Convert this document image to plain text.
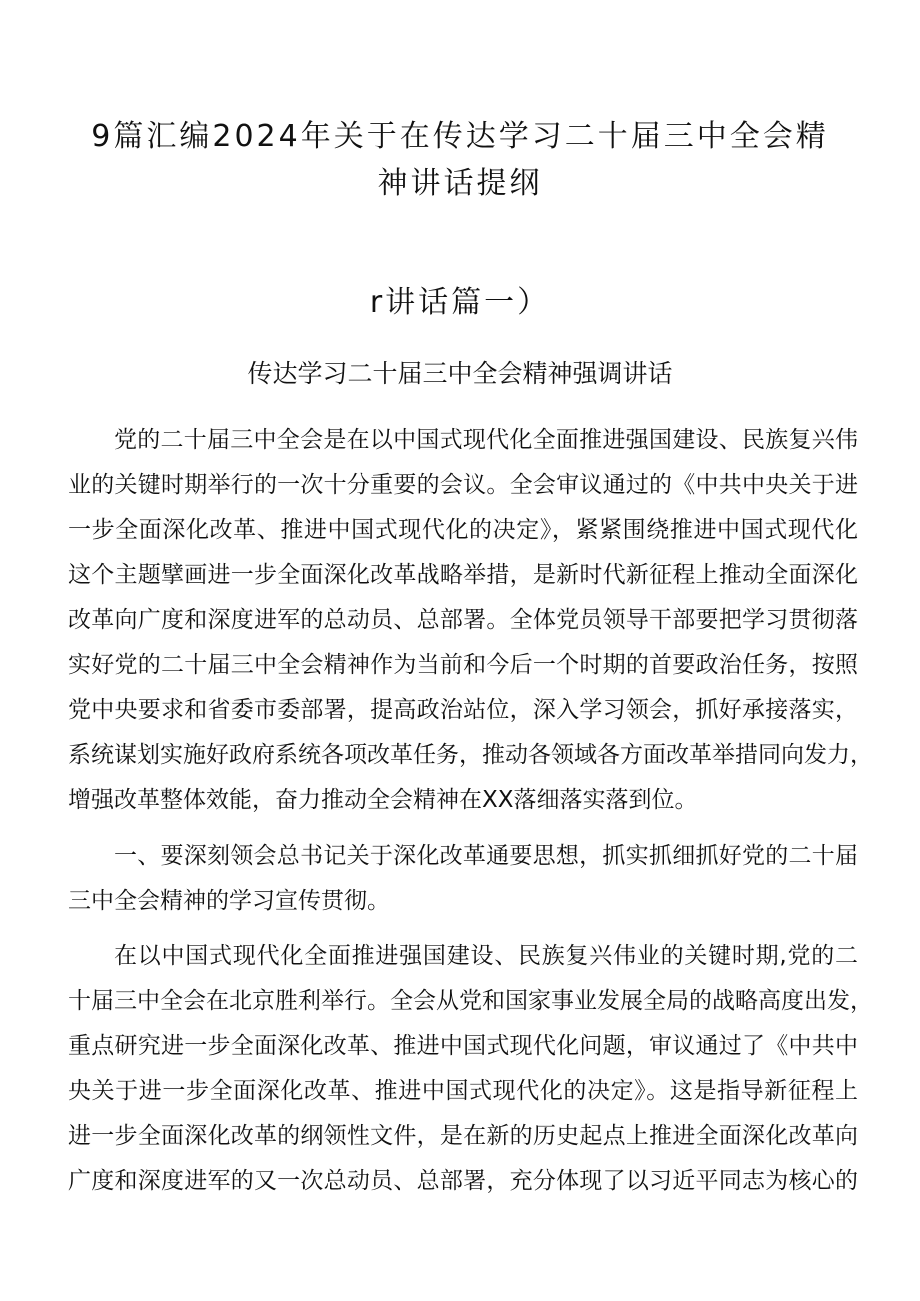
9篇汇编2024年关于在传达学习二十届三中全会精
神讲话提纲
r讲话篇一）
传达学习二十届三中全会精神强调讲话

党的二十届三中全会是在以中国式现代化全面推进强国建设、民族复兴伟
业的关键时期举行的一次十分重要的会议。全会审议通过的《中共中央关于进
一步全面深化改革、推进中国式现代化的决定》，紧紧围绕推进中国式现代化
这个主题擘画进一步全面深化改革战略举措，是新时代新征程上推动全面深化
改革向广度和深度进军的总动员、总部署。全体党员领导干部要把学习贯彻落
实好党的二十届三中全会精神作为当前和今后一个时期的首要政治任务，按照
党中央要求和省委市委部署，提高政治站位，深入学习领会，抓好承接落实，
系统谋划实施好政府系统各项改革任务，推动各领域各方面改革举措同向发力，
增强改革整体效能，奋力推动全会精神在XX落细落实落到位。

一、要深刻领会总书记关于深化改革通要思想，抓实抓细抓好党的二十届
三中全会精神的学习宣传贯彻。

在以中国式现代化全面推进强国建设、民族复兴伟业的关键时期,党的二
十届三中全会在北京胜利举行。全会从党和国家事业发展全局的战略高度出发，
重点研究进一步全面深化改革、推进中国式现代化问题，审议通过了《中共中
央关于进一步全面深化改革、推进中国式现代化的决定》。这是指导新征程上
进一步全面深化改革的纲领性文件，是在新的历史起点上推进全面深化改革向
广度和深度进军的又一次总动员、总部署，充分体现了以习近平同志为核心的
